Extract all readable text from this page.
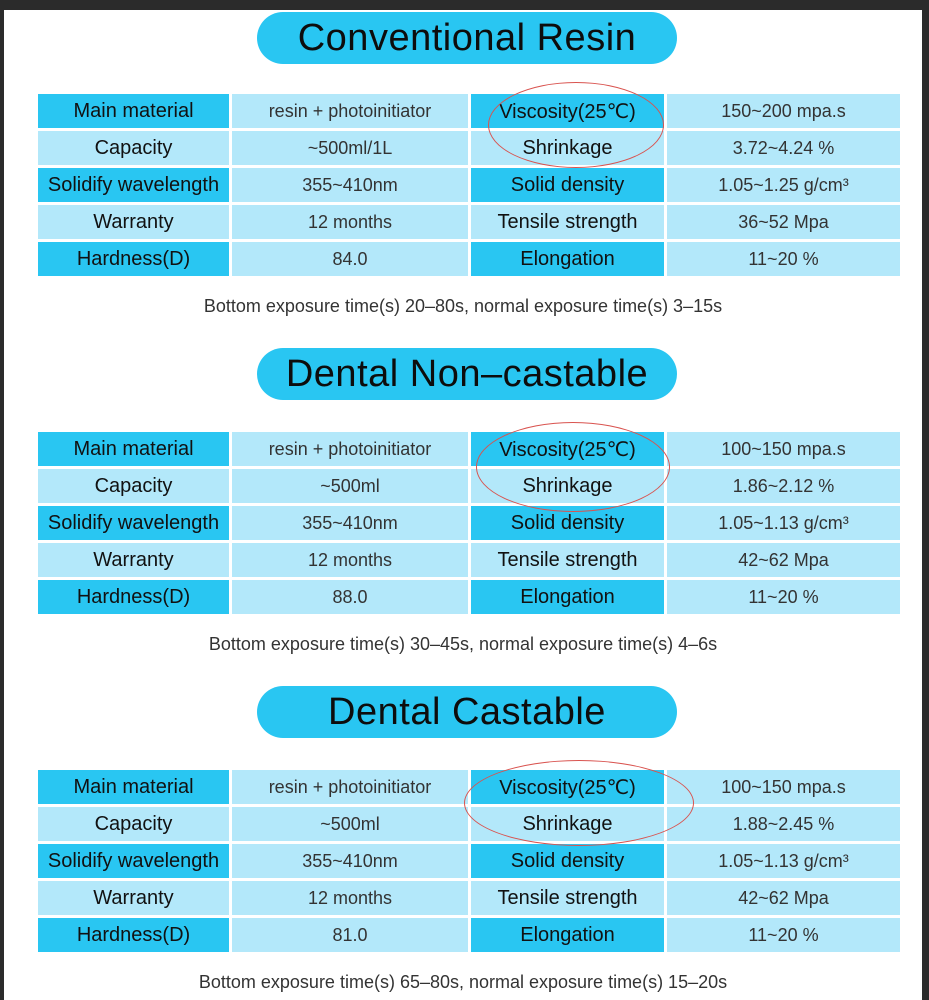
Conventional Resin
Main material	resin + photoinitiator	Viscosity(25℃)	150~200 mpa.s
Capacity	~500ml/1L	Shrinkage	3.72~4.24 %
Solidify wavelength	355~410nm	Solid density	1.05~1.25 g/cm³
Warranty	12 months	Tensile strength	36~52 Mpa
Hardness(D)	84.0	Elongation	11~20 %
Bottom exposure time(s) 20–80s, normal exposure time(s) 3–15s
Dental Non–castable
Main material	resin + photoinitiator	Viscosity(25℃)	100~150 mpa.s
Capacity	~500ml	Shrinkage	1.86~2.12 %
Solidify wavelength	355~410nm	Solid density	1.05~1.13 g/cm³
Warranty	12 months	Tensile strength	42~62 Mpa
Hardness(D)	88.0	Elongation	11~20 %
Bottom exposure time(s) 30–45s, normal exposure time(s) 4–6s
Dental Castable
Main material	resin + photoinitiator	Viscosity(25℃)	100~150 mpa.s
Capacity	~500ml	Shrinkage	1.88~2.45 %
Solidify wavelength	355~410nm	Solid density	1.05~1.13 g/cm³
Warranty	12 months	Tensile strength	42~62 Mpa
Hardness(D)	81.0	Elongation	11~20 %
Bottom exposure time(s) 65–80s, normal exposure time(s) 15–20s
